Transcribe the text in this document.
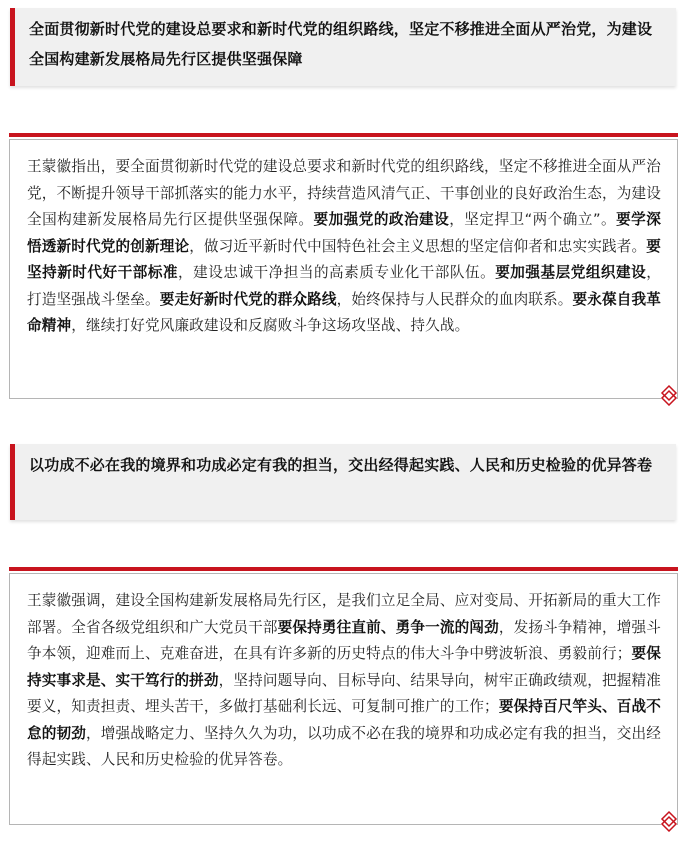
全面贯彻新时代党的建设总要求和新时代党的组织路线，坚定不移推进全面从严治党，为建设全国构建新发展格局先行区提供坚强保障
王蒙徽指出，要全面贯彻新时代党的建设总要求和新时代党的组织路线，坚定不移推进全面从严治党，不断提升领导干部抓落实的能力水平，持续营造风清气正、干事创业的良好政治生态，为建设全国构建新发展格局先行区提供坚强保障。要加强党的政治建设，坚定捍卫“两个确立”。要学深悟透新时代党的创新理论，做习近平新时代中国特色社会主义思想的坚定信仰者和忠实实践者。要坚持新时代好干部标准，建设忠诚干净担当的高素质专业化干部队伍。要加强基层党组织建设，打造坚强战斗堡垒。要走好新时代党的群众路线，始终保持与人民群众的血肉联系。要永葆自我革命精神，继续打好党风廉政建设和反腐败斗争这场攻坚战、持久战。
以功成不必在我的境界和功成必定有我的担当，交出经得起实践、人民和历史检验的优异答卷
王蒙徽强调，建设全国构建新发展格局先行区，是我们立足全局、应对变局、开拓新局的重大工作部署。全省各级党组织和广大党员干部要保持勇往直前、勇争一流的闯劲，发扬斗争精神，增强斗争本领，迎难而上、克难奋进，在具有许多新的历史特点的伟大斗争中劈波斩浪、勇毅前行；要保持实事求是、实干笃行的拼劲，坚持问题导向、目标导向、结果导向，树牢正确政绩观，把握精准要义，知责担责、埋头苦干，多做打基础利长远、可复制可推广的工作；要保持百尺竿头、百战不怠的韧劲，增强战略定力、坚持久久为功，以功成不必在我的境界和功成必定有我的担当，交出经得起实践、人民和历史检验的优异答卷。
